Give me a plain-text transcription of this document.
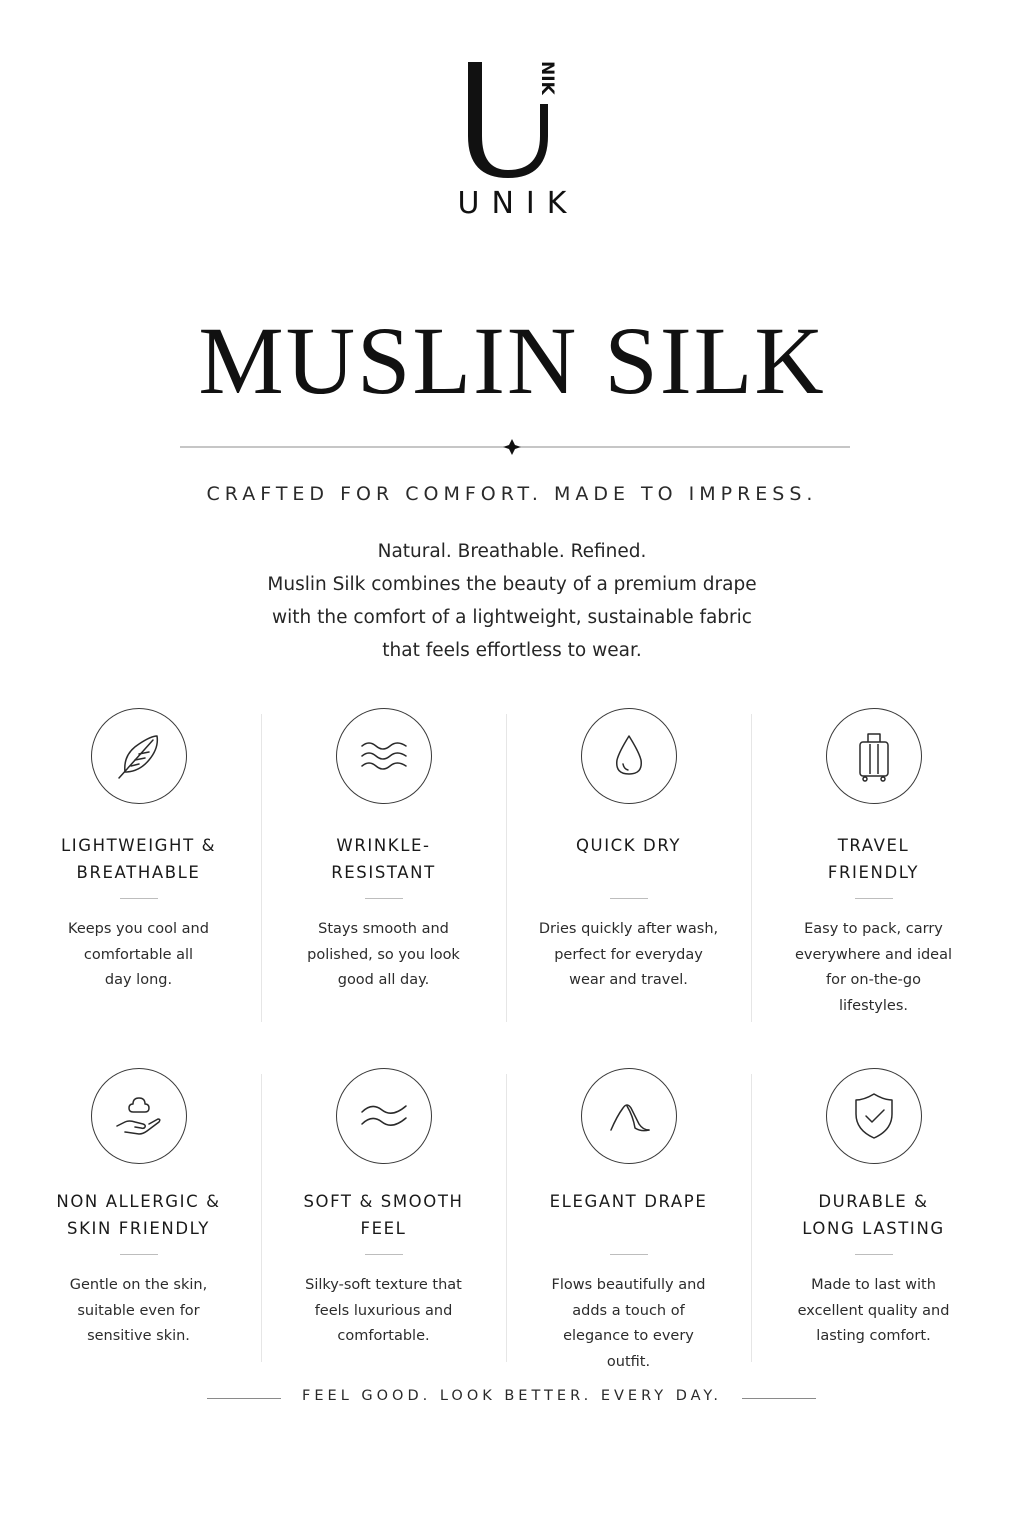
NIK
UNIK
MUSLIN SILK
CRAFTED FOR COMFORT. MADE TO IMPRESS.
Natural. Breathable. Refined.
Muslin Silk combines the beauty of a premium drape
with the comfort of a lightweight, sustainable fabric
that feels effortless to wear.
LIGHTWEIGHT &
BREATHABLE
Keeps you cool and
comfortable all
day long.
WRINKLE-
RESISTANT
Stays smooth and
polished, so you look
good all day.
QUICK DRY
Dries quickly after wash,
perfect for everyday
wear and travel.
TRAVEL
FRIENDLY
Easy to pack, carry
everywhere and ideal
for on-the-go
lifestyles.
NON ALLERGIC &
SKIN FRIENDLY
Gentle on the skin,
suitable even for
sensitive skin.
SOFT & SMOOTH
FEEL
Silky-soft texture that
feels luxurious and
comfortable.
ELEGANT DRAPE
Flows beautifully and
adds a touch of
elegance to every
outfit.
DURABLE &
LONG LASTING
Made to last with
excellent quality and
lasting comfort.
FEEL GOOD. LOOK BETTER. EVERY DAY.
